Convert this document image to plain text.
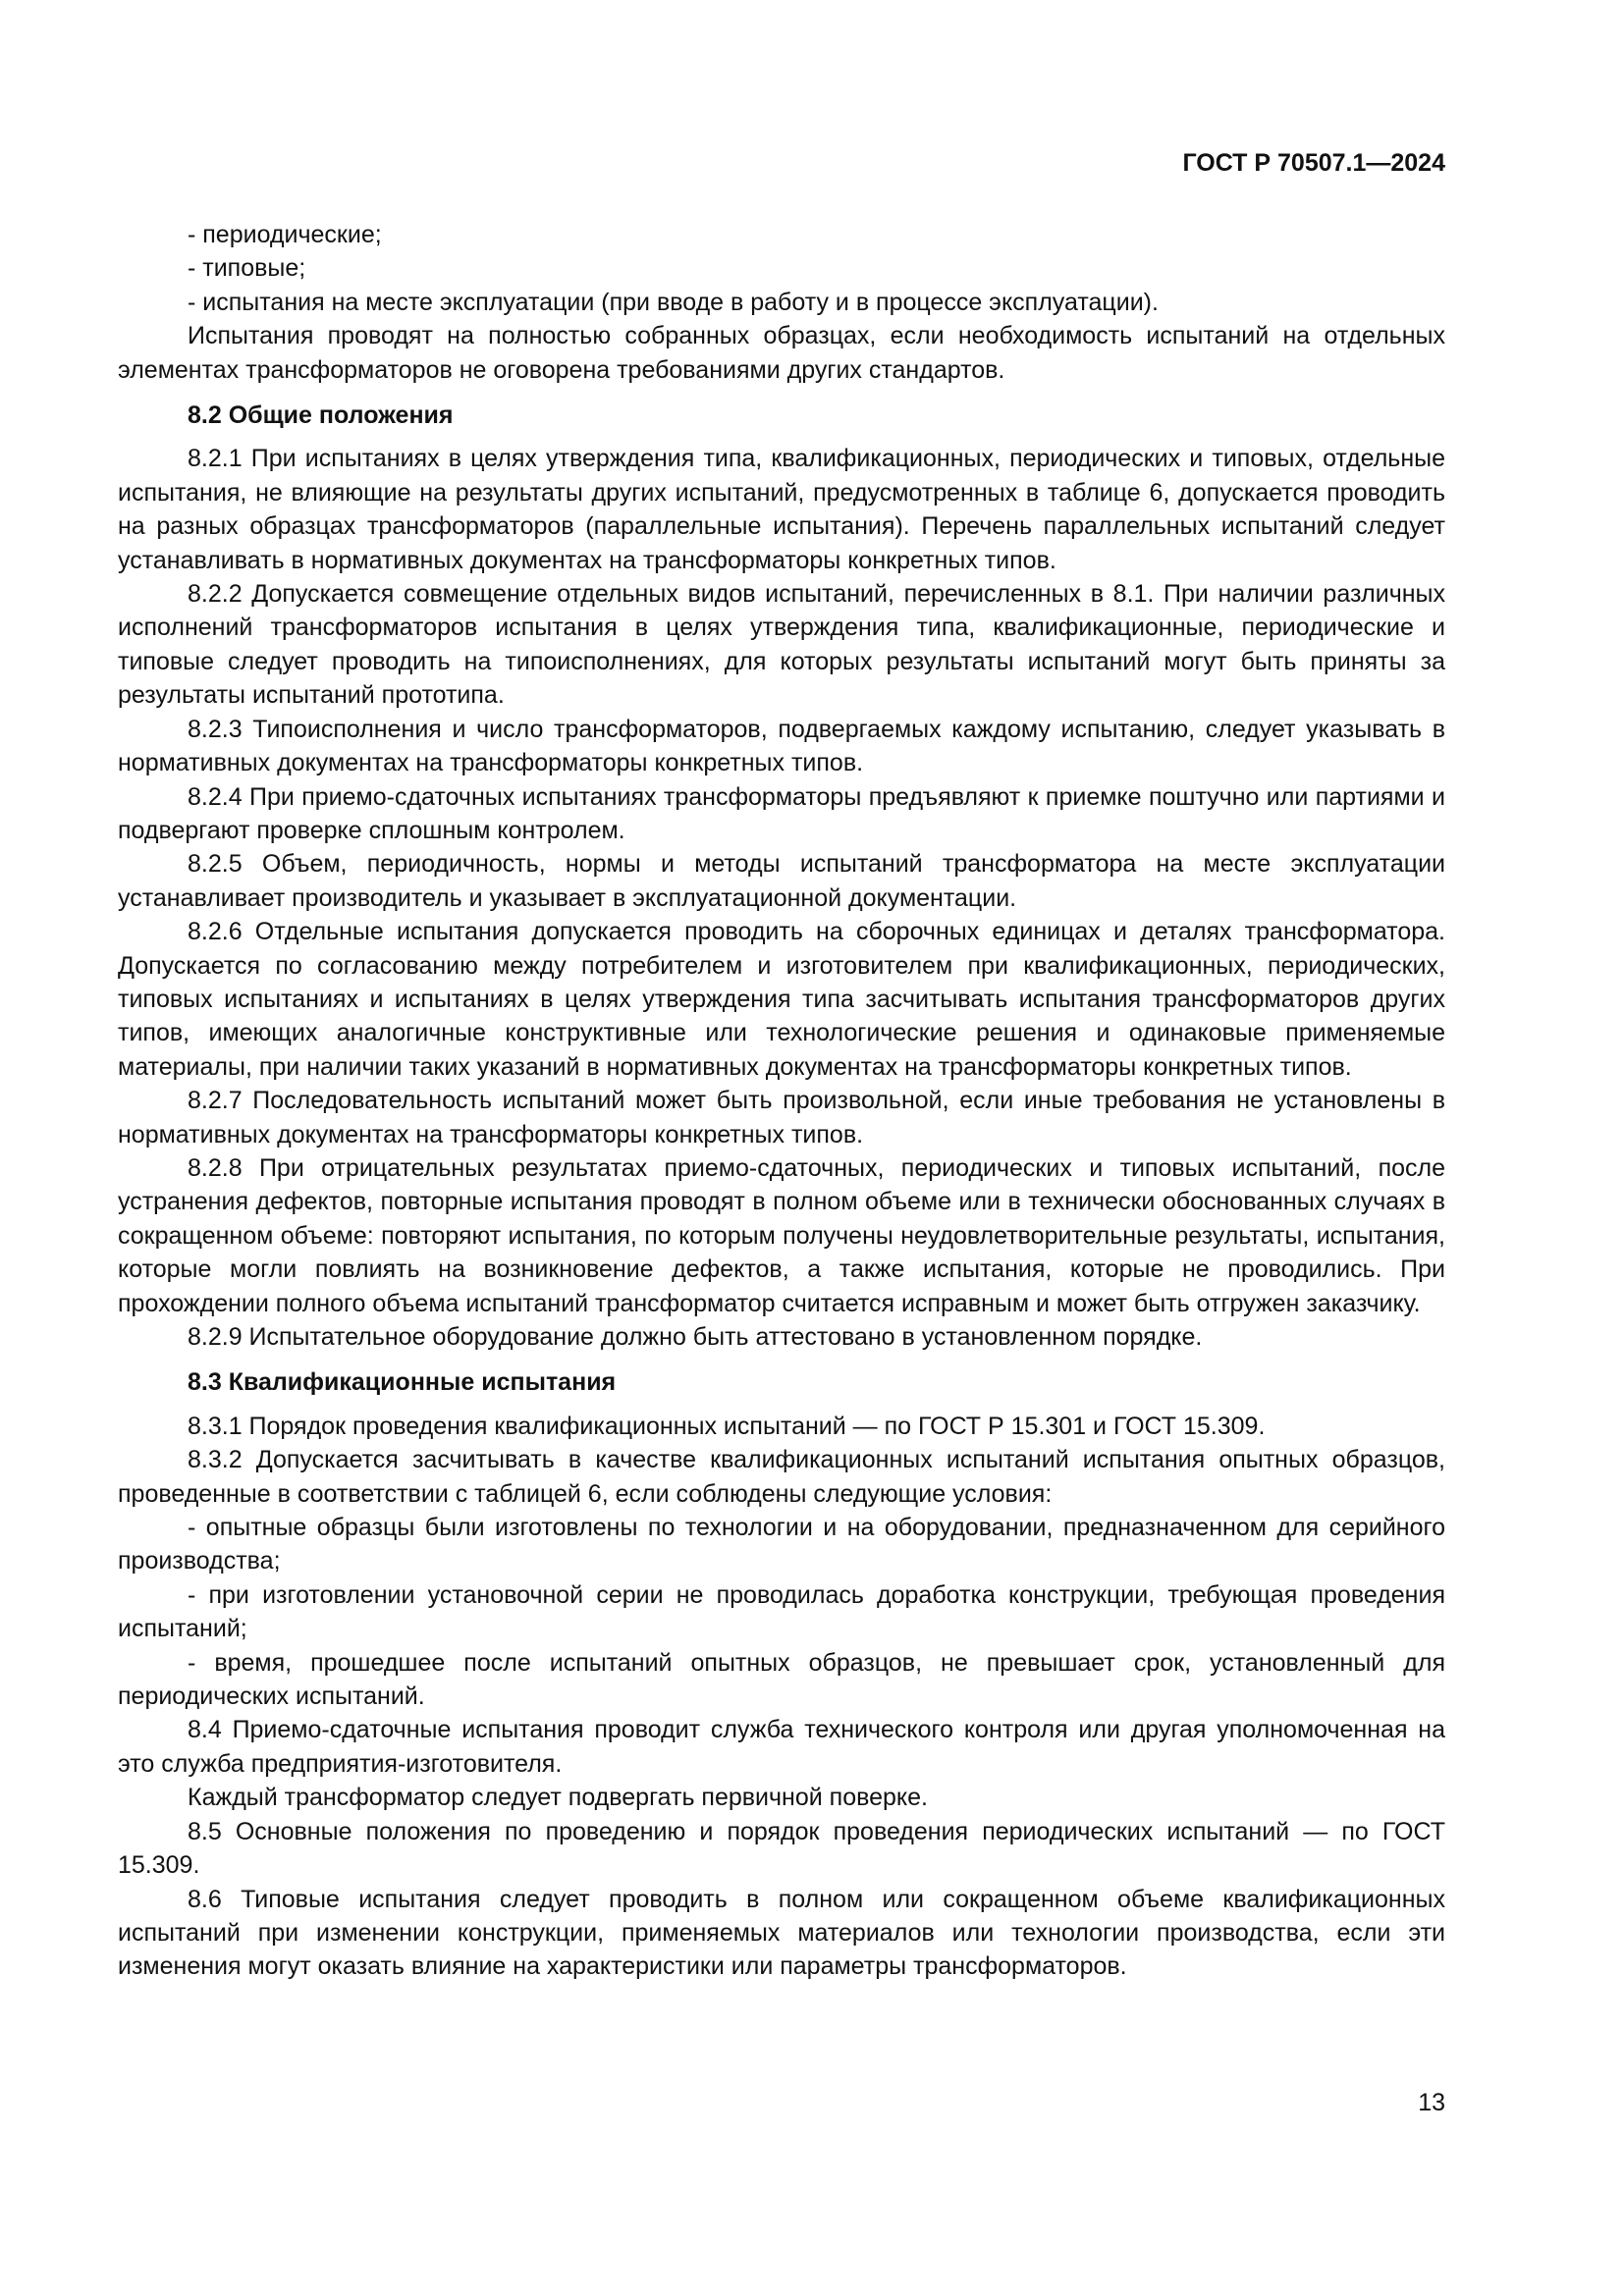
ГОСТ Р 70507.1—2024

- периодические;

- типовые;

- испытания на месте эксплуатации (при вводе в работу и в процессе эксплуатации).

Испытания проводят на полностью собранных образцах, если необходимость испытаний на отдельных элементах трансформаторов не оговорена требованиями других стандартов.

8.2 Общие положения

8.2.1 При испытаниях в целях утверждения типа, квалификационных, периодических и типовых, отдельные испытания, не влияющие на результаты других испытаний, предусмотренных в таблице 6, допускается проводить на разных образцах трансформаторов (параллельные испытания). Перечень параллельных испытаний следует устанавливать в нормативных документах на трансформаторы конкретных типов.

8.2.2 Допускается совмещение отдельных видов испытаний, перечисленных в 8.1. При наличии различных исполнений трансформаторов испытания в целях утверждения типа, квалификационные, периодические и типовые следует проводить на типоисполнениях, для которых результаты испытаний могут быть приняты за результаты испытаний прототипа.

8.2.3 Типоисполнения и число трансформаторов, подвергаемых каждому испытанию, следует указывать в нормативных документах на трансформаторы конкретных типов.

8.2.4 При приемо-сдаточных испытаниях трансформаторы предъявляют к приемке поштучно или партиями и подвергают проверке сплошным контролем.

8.2.5 Объем, периодичность, нормы и методы испытаний трансформатора на месте эксплуатации устанавливает производитель и указывает в эксплуатационной документации.

8.2.6 Отдельные испытания допускается проводить на сборочных единицах и деталях трансформатора. Допускается по согласованию между потребителем и изготовителем при квалификационных, периодических, типовых испытаниях и испытаниях в целях утверждения типа засчитывать испытания трансформаторов других типов, имеющих аналогичные конструктивные или технологические решения и одинаковые применяемые материалы, при наличии таких указаний в нормативных документах на трансформаторы конкретных типов.

8.2.7 Последовательность испытаний может быть произвольной, если иные требования не установлены в нормативных документах на трансформаторы конкретных типов.

8.2.8 При отрицательных результатах приемо-сдаточных, периодических и типовых испытаний, после устранения дефектов, повторные испытания проводят в полном объеме или в технически обоснованных случаях в сокращенном объеме: повторяют испытания, по которым получены неудовлетворительные результаты, испытания, которые могли повлиять на возникновение дефектов, а также испытания, которые не проводились. При прохождении полного объема испытаний трансформатор считается исправным и может быть отгружен заказчику.

8.2.9 Испытательное оборудование должно быть аттестовано в установленном порядке.

8.3 Квалификационные испытания

8.3.1 Порядок проведения квалификационных испытаний — по ГОСТ Р 15.301 и ГОСТ 15.309.

8.3.2 Допускается засчитывать в качестве квалификационных испытаний испытания опытных образцов, проведенные в соответствии с таблицей 6, если соблюдены следующие условия:

- опытные образцы были изготовлены по технологии и на оборудовании, предназначенном для серийного производства;

- при изготовлении установочной серии не проводилась доработка конструкции, требующая проведения испытаний;

- время, прошедшее после испытаний опытных образцов, не превышает срок, установленный для периодических испытаний.

8.4 Приемо-сдаточные испытания проводит служба технического контроля или другая уполномоченная на это служба предприятия-изготовителя.

Каждый трансформатор следует подвергать первичной поверке.

8.5 Основные положения по проведению и порядок проведения периодических испытаний — по ГОСТ 15.309.

8.6 Типовые испытания следует проводить в полном или сокращенном объеме квалификационных испытаний при изменении конструкции, применяемых материалов или технологии производства, если эти изменения могут оказать влияние на характеристики или параметры трансформаторов.

13
